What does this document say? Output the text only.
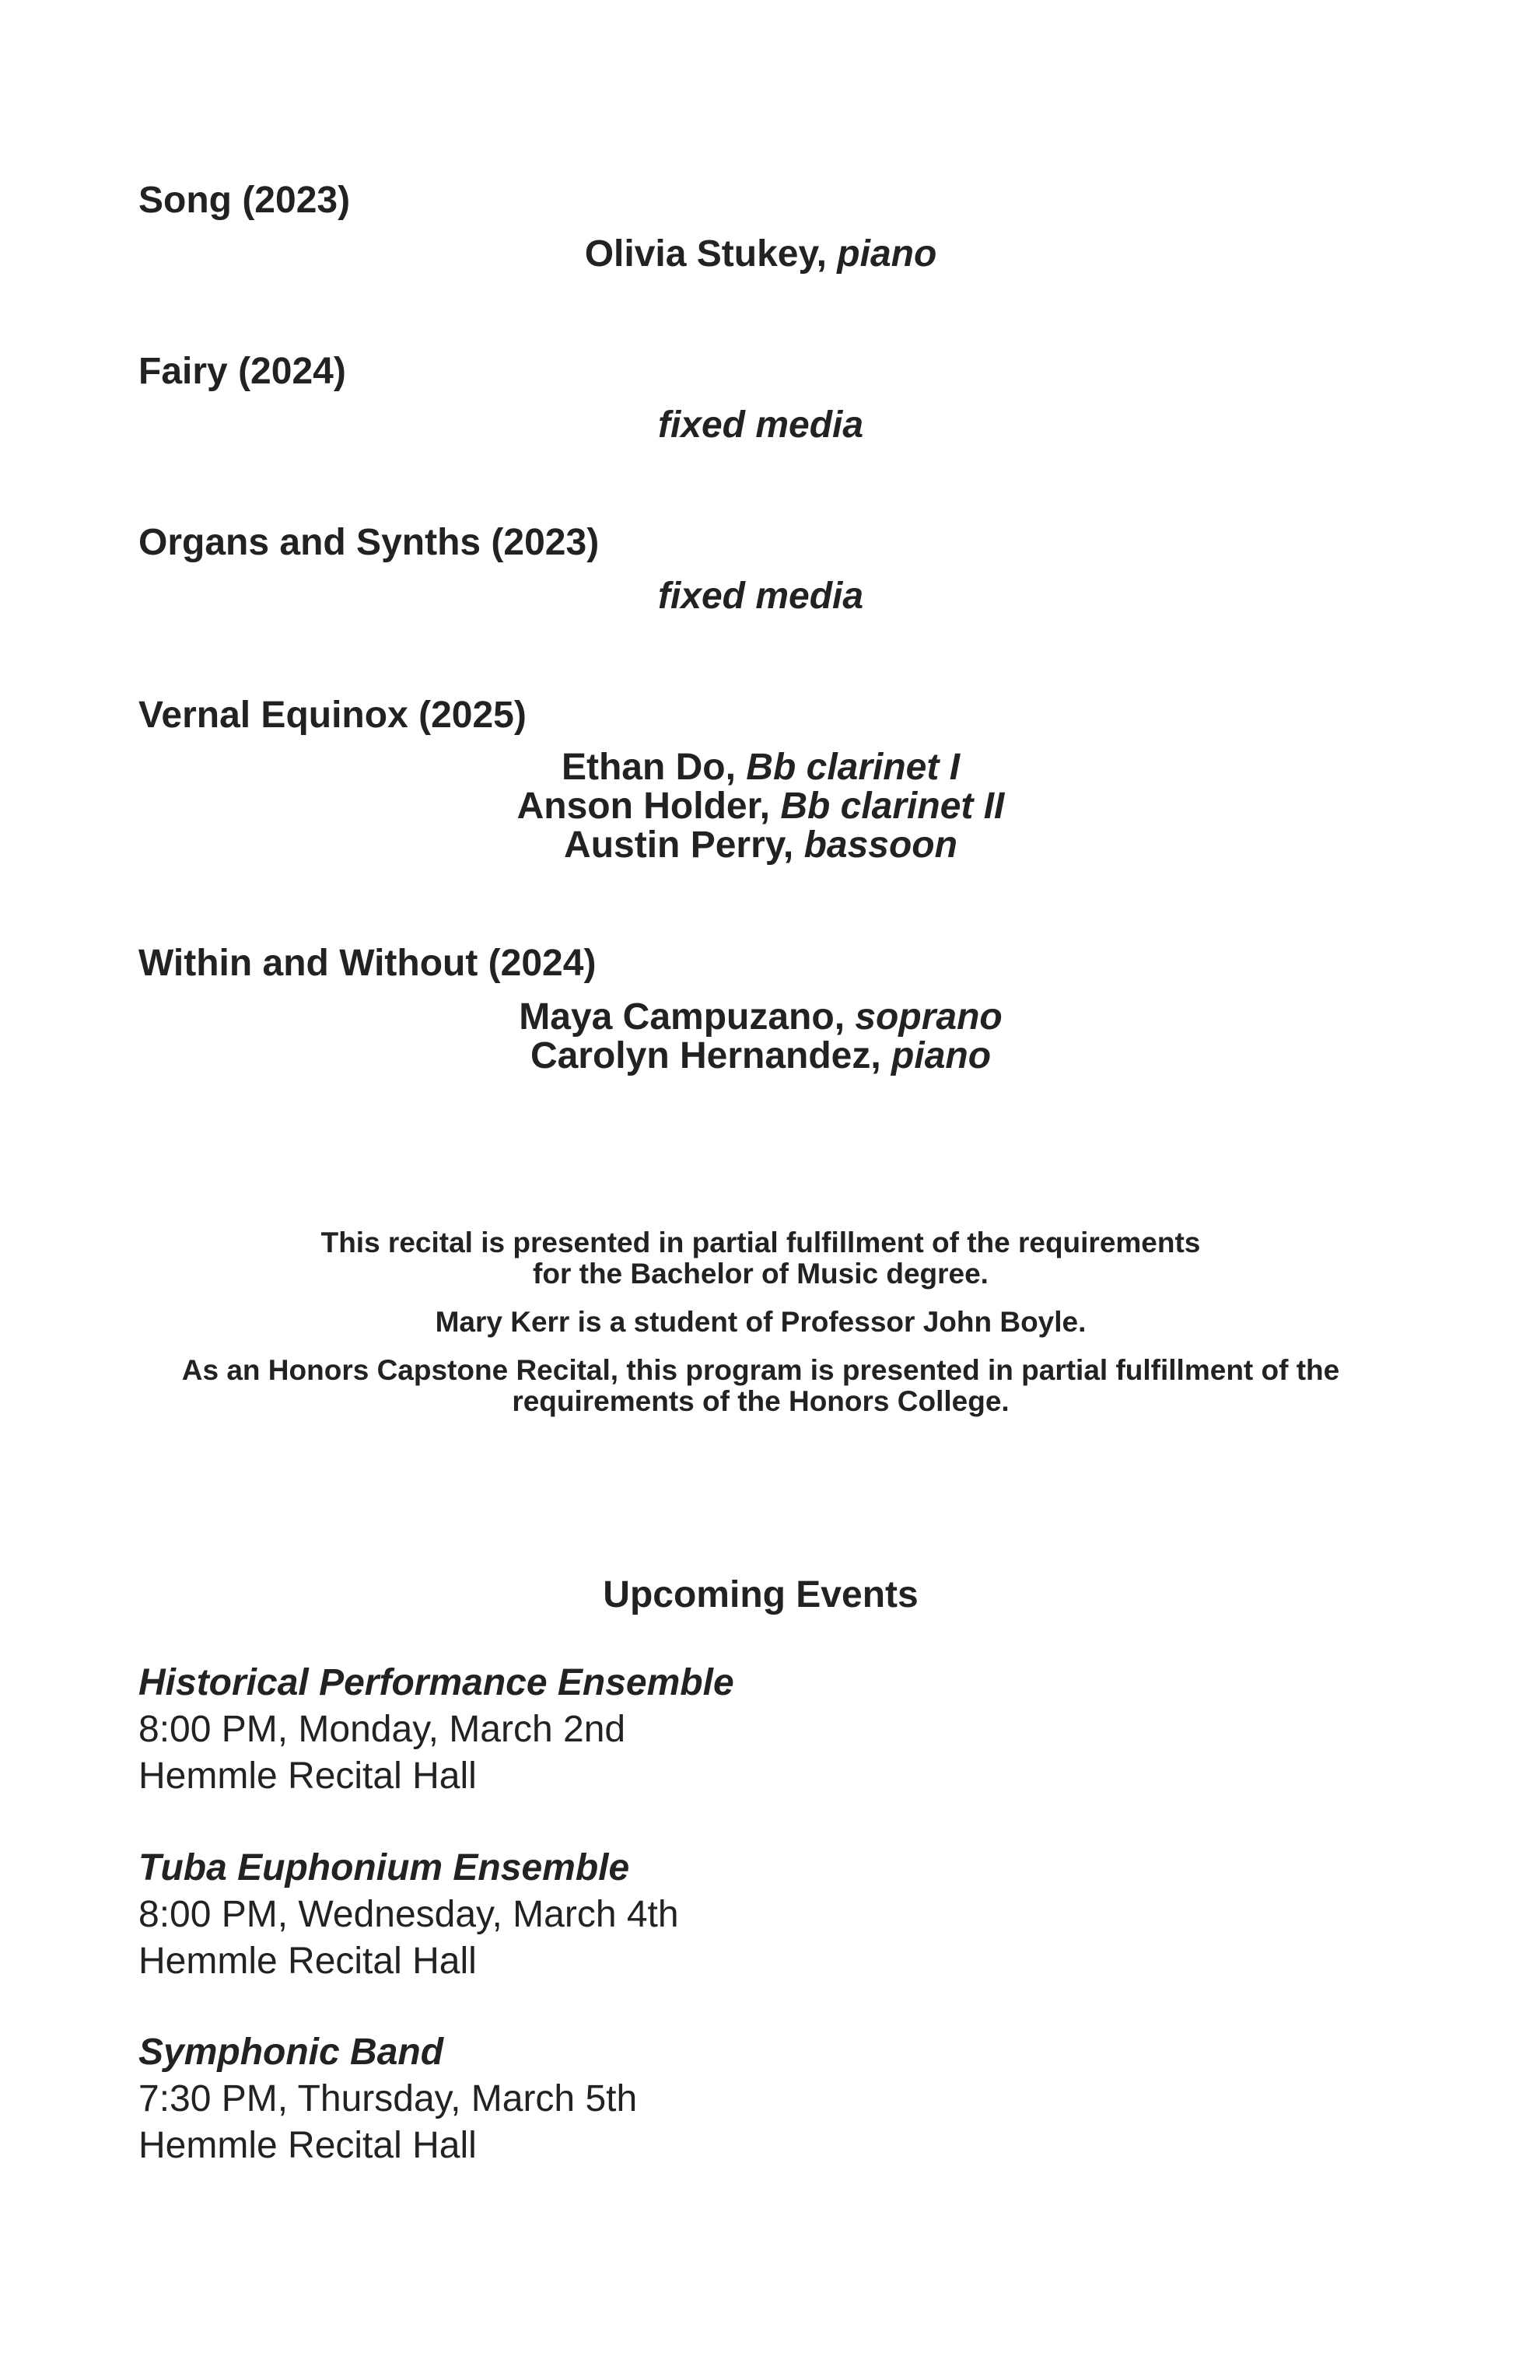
Song (2023)
Olivia Stukey, piano
Fairy (2024)
fixed media
Organs and Synths (2023)
fixed media
Vernal Equinox (2025)
Ethan Do, Bb clarinet I
Anson Holder, Bb clarinet II
Austin Perry, bassoon
Within and Without (2024)
Maya Campuzano, soprano
Carolyn Hernandez, piano

This recital is presented in partial fulfillment of the requirements
for the Bachelor of Music degree.

Mary Kerr is a student of Professor John Boyle.

As an Honors Capstone Recital, this program is presented in partial fulfillment of the
requirements of the Honors College.

Upcoming Events
Historical Performance Ensemble
8:00 PM, Monday, March 2nd
Hemmle Recital Hall
Tuba Euphonium Ensemble
8:00 PM, Wednesday, March 4th
Hemmle Recital Hall
Symphonic Band
7:30 PM, Thursday, March 5th
Hemmle Recital Hall
